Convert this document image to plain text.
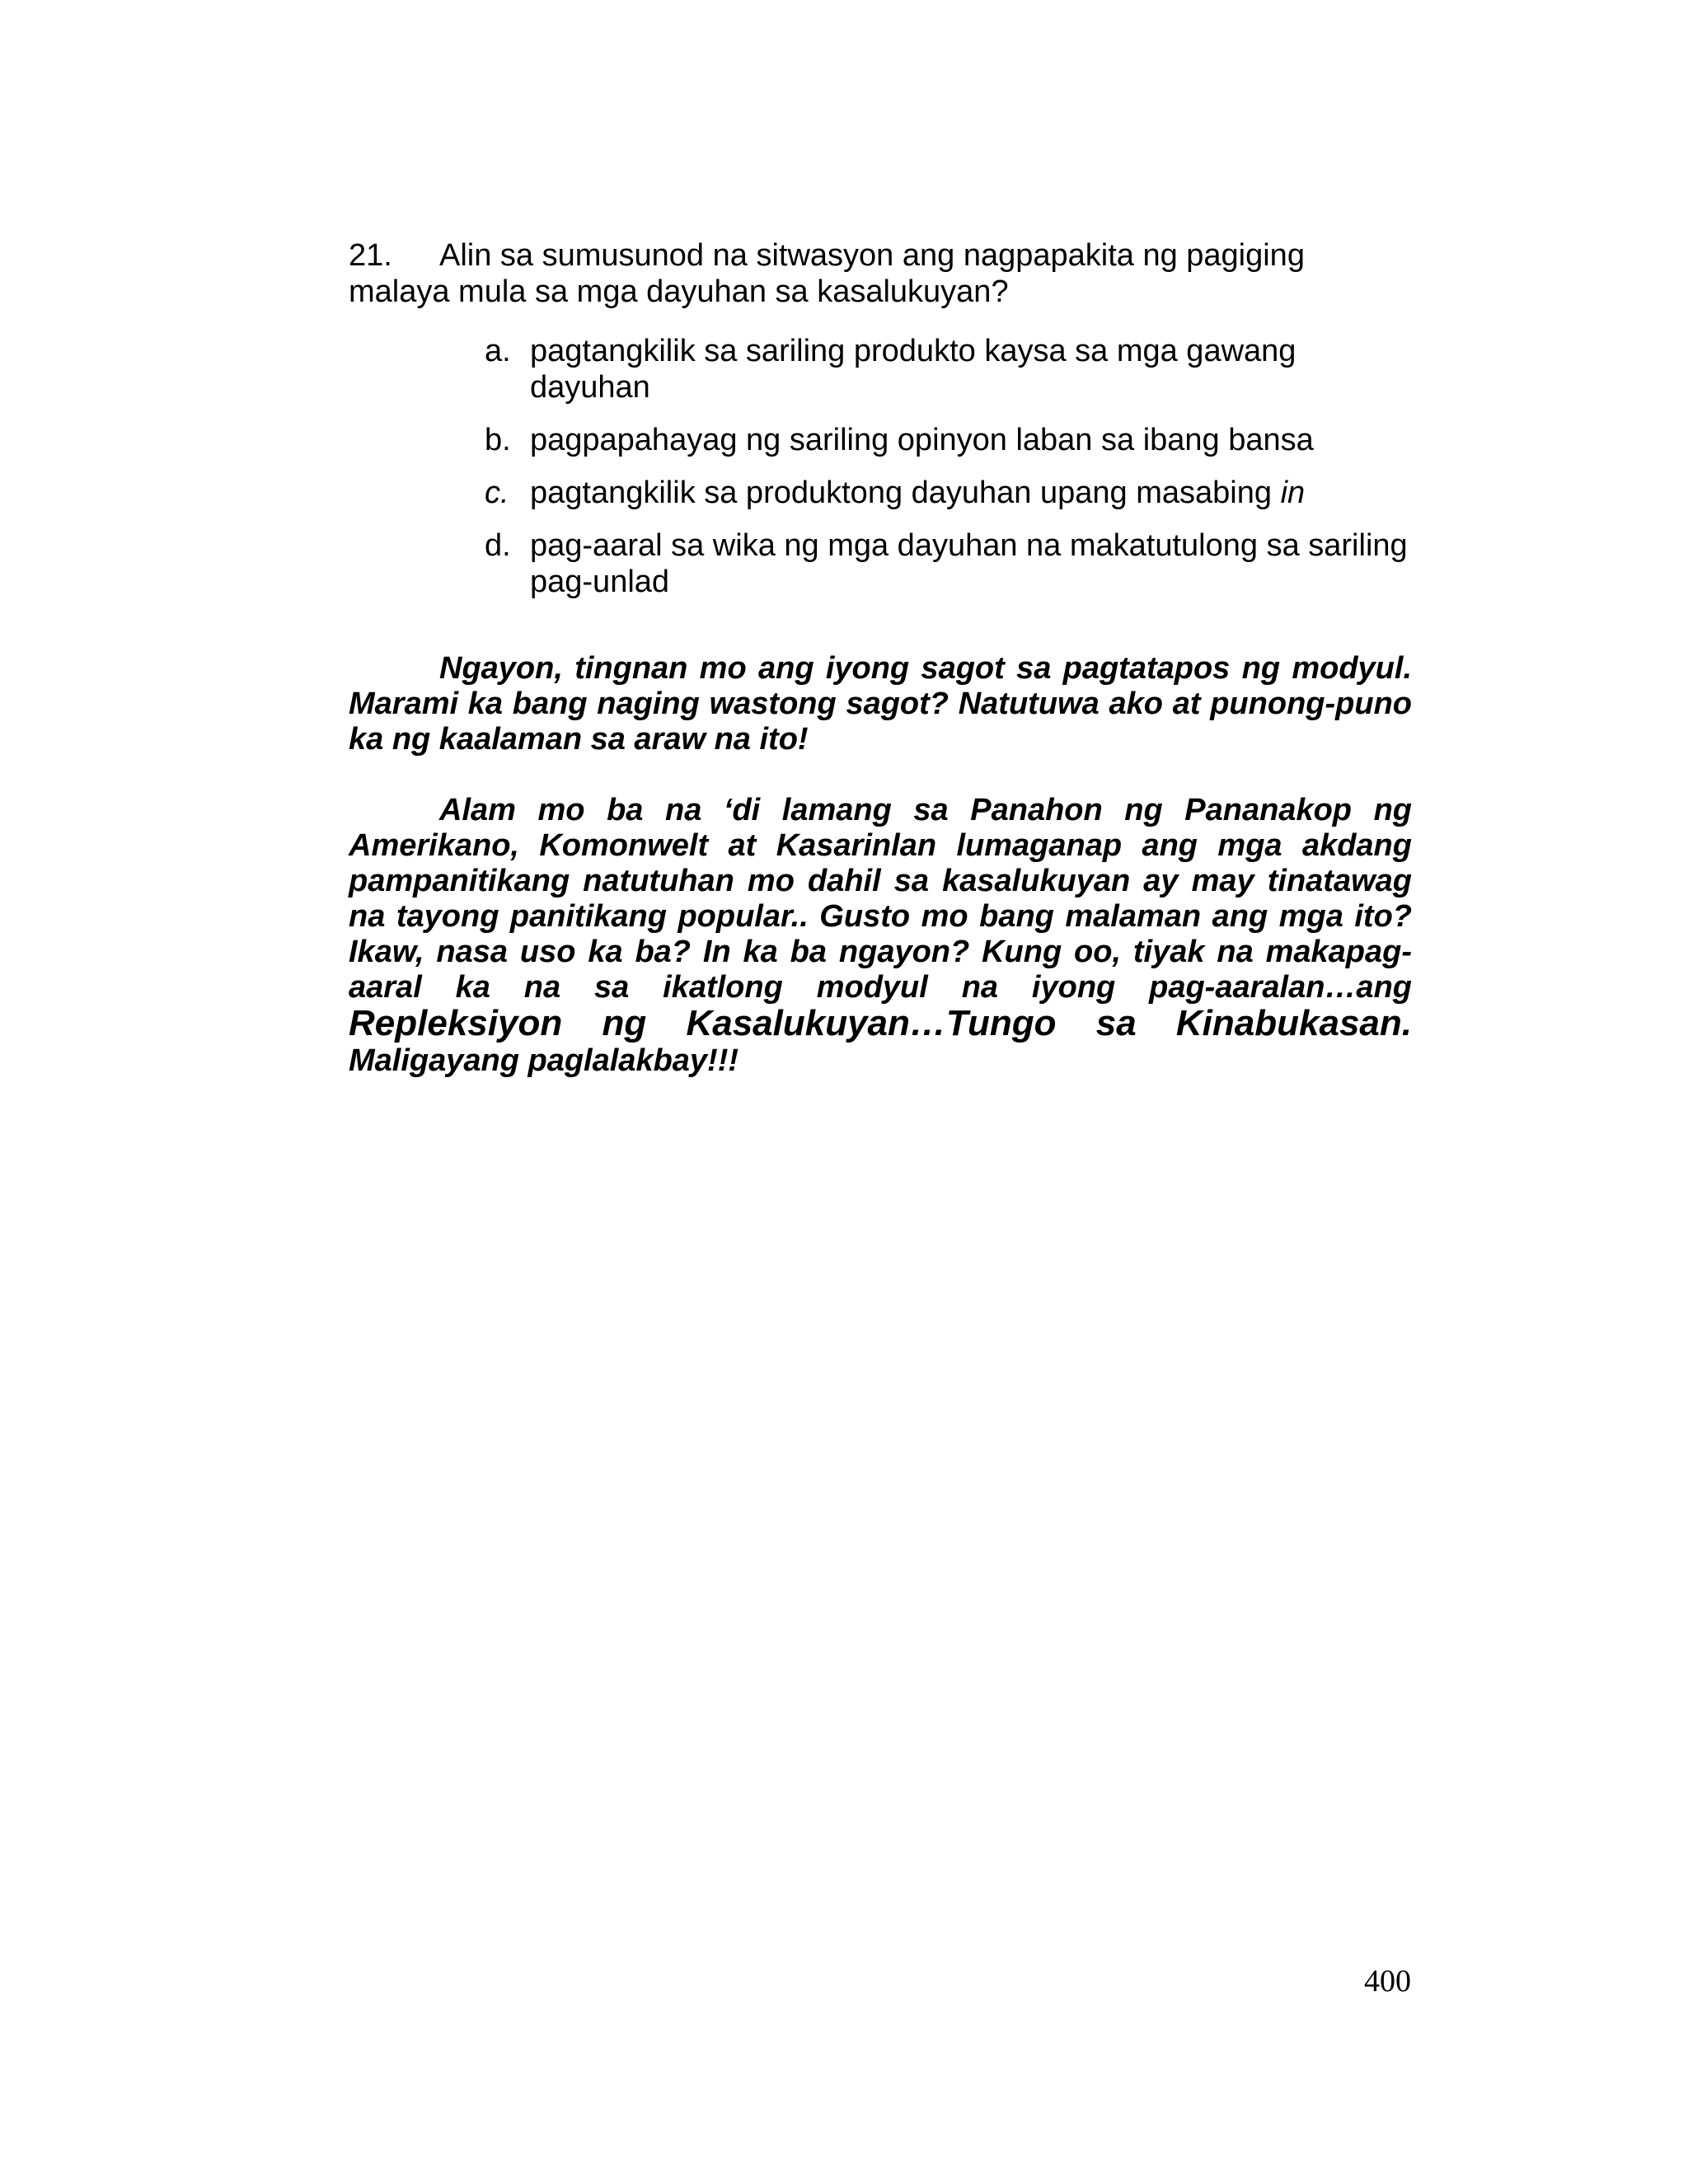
21. Alin sa sumusunod na sitwasyon ang nagpapakita ng pagiging malaya mula sa mga dayuhan sa kasalukuyan?

a. pagtangkilik sa sariling produkto kaysa sa mga gawang dayuhan
b. pagpapahayag ng sariling opinyon laban sa ibang bansa
c. pagtangkilik sa produktong dayuhan upang masabing in
d. pag-aaral sa wika ng mga dayuhan na makatutulong sa sariling pag-unlad

Ngayon, tingnan mo ang iyong sagot sa pagtatapos ng modyul. Marami ka bang naging wastong sagot? Natutuwa ako at punong-puno ka ng kaalaman sa araw na ito!

Alam mo ba na ‘di lamang sa Panahon ng Pananakop ng Amerikano, Komonwelt at Kasarinlan lumaganap ang mga akdang pampanitikang natutuhan mo dahil sa kasalukuyan ay may tinatawag na tayong panitikang popular.. Gusto mo bang malaman ang mga ito? Ikaw, nasa uso ka ba? In ka ba ngayon? Kung oo, tiyak na makapag-aaral ka na sa ikatlong modyul na iyong pag-aaralan…ang Repleksiyon ng Kasalukuyan…Tungo sa Kinabukasan. Maligayang paglalakbay!!!

400
